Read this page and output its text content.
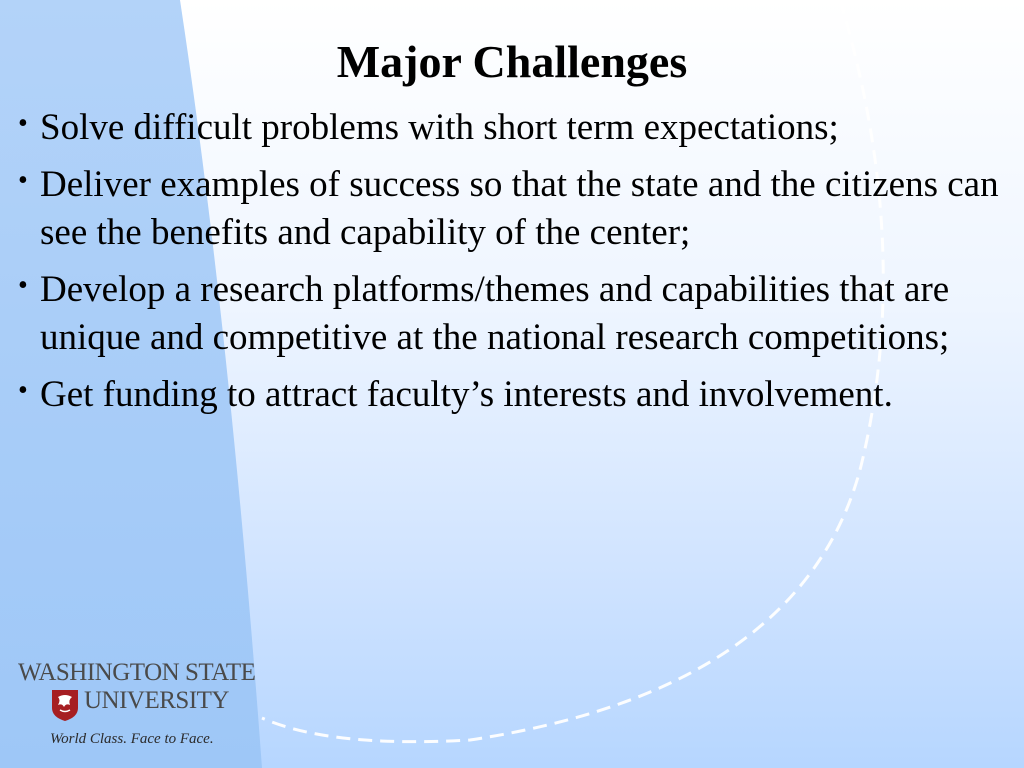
Major Challenges
• Solve difficult problems with short term expectations;
• Deliver examples of success so that the state and the citizens can see the benefits and capability of the center;
• Develop a research platforms/themes and capabilities that are unique and competitive at the national research competitions;
• Get funding to attract faculty’s interests and involvement.
WASHINGTON STATE
UNIVERSITY
World Class. Face to Face.
